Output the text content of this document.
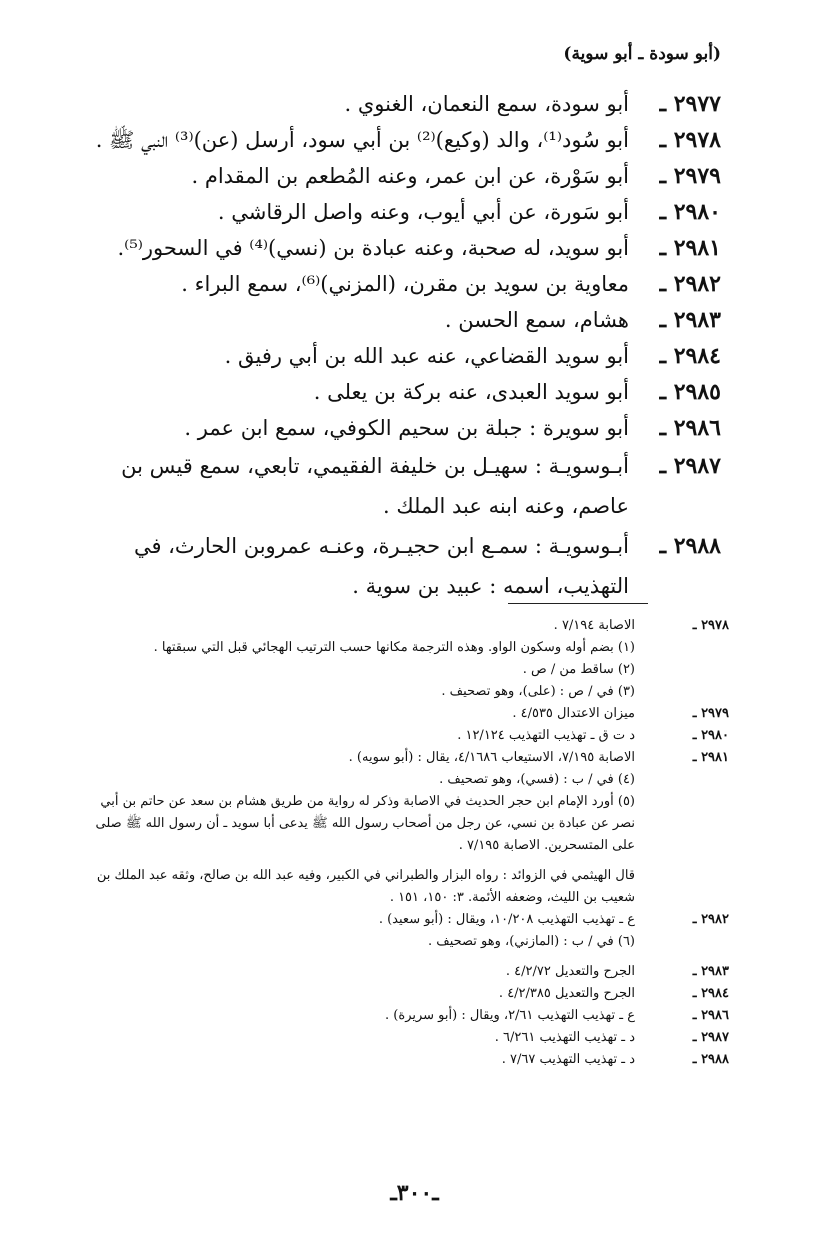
(أبو سودة ـ أبو سوية)
٢٩٧٧ ـ
أبو سودة، سمع النعمان، الغنوي .
٢٩٧٨ ـ
أبو سُود⁽¹⁾، والد (وكيع)⁽²⁾ بن أبي سود، أرسل (عن)⁽³⁾ النبي ﷺ .
٢٩٧٩ ـ
أبو سَوْرة، عن ابن عمر، وعنه المُطعم بن المقدام .
٢٩٨٠ ـ
أبو سَورة، عن أبي أيوب، وعنه واصل الرقاشي .
٢٩٨١ ـ
أبو سويد، له صحبة، وعنه عبادة بن (نسي)⁽⁴⁾ في السحور⁽⁵⁾.
٢٩٨٢ ـ
معاوية بن سويد بن مقرن، (المزني)⁽⁶⁾، سمع البراء .
٢٩٨٣ ـ
هشام، سمع الحسن .
٢٩٨٤ ـ
أبو سويد القضاعي، عنه عبد الله بن أبي رفيق .
٢٩٨٥ ـ
أبو سويد العبدى، عنه بركة بن يعلى .
٢٩٨٦ ـ
أبو سويرة : جبلة بن سحيم الكوفي، سمع ابن عمر .
٢٩٨٧ ـ
أبـوسويـة : سهيـل بن خليفة الفقيمي، تابعي، سمع قيس بن عاصم، وعنه ابنه عبد الملك .
٢٩٨٨ ـ
أبـوسويـة : سمـع ابن حجيـرة، وعنـه عمروبن الحارث، في التهذيب، اسمه : عبيد بن سوية .
٢٩٧٨ ـ
الاصابة ٧/١٩٤ .
(١) بضم أوله وسكون الواو. وهذه الترجمة مكانها حسب الترتيب الهجائي قبل التي سبقتها .
(٢) ساقط من / ص .
(٣) في / ص : (على)، وهو تصحيف .
٢٩٧٩ ـ
ميزان الاعتدال ٤/٥٣٥ .
٢٩٨٠ ـ
د ت ق ـ تهذيب التهذيب ١٢/١٢٤ .
٢٩٨١ ـ
الاصابة ٧/١٩٥، الاستيعاب ٤/١٦٨٦، يقال : (أبو سويه) .
(٤) في / ب : (فسي)، وهو تصحيف .
(٥) أورد الإمام ابن حجر الحديث في الاصابة وذكر له رواية من طريق هشام بن سعد عن حاتم بن أبي نصر عن عبادة بن نسي، عن رجل من أصحاب رسول الله ﷺ يدعى أبا سويد ـ أن رسول الله ﷺ صلى على المتسحرين. الاصابة ٧/١٩٥ .
قال الهيثمي في الزوائد : رواه البزار والطبراني في الكبير، وفيه عبد الله بن صالح، وثقه عبد الملك بن شعيب بن الليث، وضعفه الأئمة. ٣: ١٥٠، ١٥١ .
٢٩٨٢ ـ
ع ـ تهذيب التهذيب ١٠/٢٠٨، ويقال : (أبو سعيد) .
(٦) في / ب : (المازني)، وهو تصحيف .
٢٩٨٣ ـ
الجرح والتعديل ٤/٢/٧٢ .
٢٩٨٤ ـ
الجرح والتعديل ٤/٢/٣٨٥ .
٢٩٨٦ ـ
ع ـ تهذيب التهذيب ٢/٦١، ويقال : (أبو سريرة) .
٢٩٨٧ ـ
د ـ تهذيب التهذيب ٦/٢٦١ .
٢٩٨٨ ـ
د ـ تهذيب التهذيب ٧/٦٧ .
ـ٣٠٠ـ
